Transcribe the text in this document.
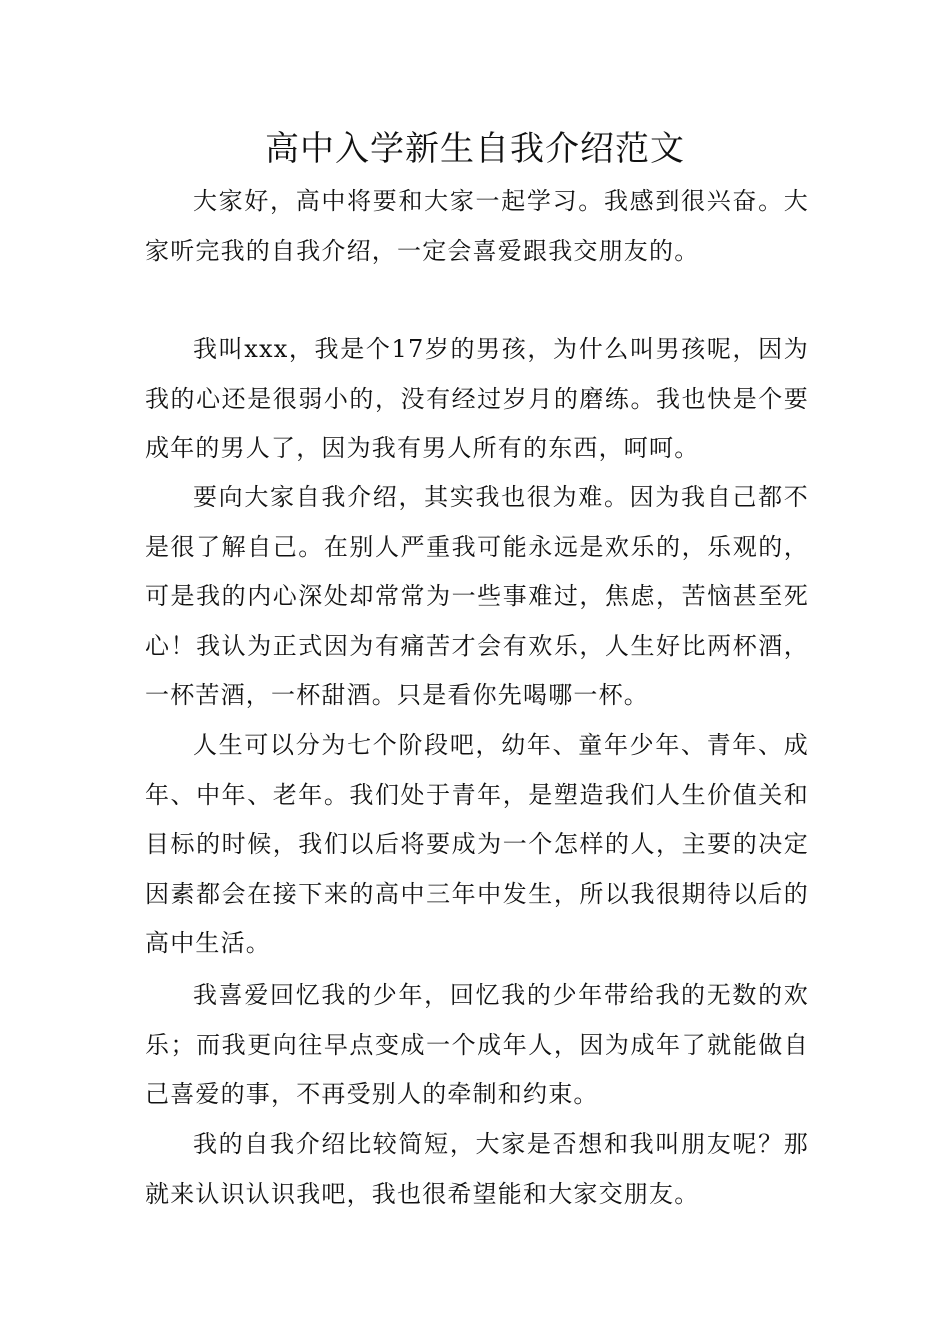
高中入学新生自我介绍范文

大家好，高中将要和大家一起学习。我感到很兴奋。大家听完我的自我介绍，一定会喜爱跟我交朋友的。

我叫xxx，我是个17岁的男孩，为什么叫男孩呢，因为我的心还是很弱小的，没有经过岁月的磨练。我也快是个要成年的男人了，因为我有男人所有的东西，呵呵。

要向大家自我介绍，其实我也很为难。因为我自己都不是很了解自己。在别人严重我可能永远是欢乐的，乐观的，可是我的内心深处却常常为一些事难过，焦虑，苦恼甚至死心！我认为正式因为有痛苦才会有欢乐，人生好比两杯酒，一杯苦酒，一杯甜酒。只是看你先喝哪一杯。

人生可以分为七个阶段吧，幼年、童年少年、青年、成年、中年、老年。我们处于青年，是塑造我们人生价值关和目标的时候，我们以后将要成为一个怎样的人，主要的决定因素都会在接下来的高中三年中发生，所以我很期待以后的高中生活。

我喜爱回忆我的少年，回忆我的少年带给我的无数的欢乐；而我更向往早点变成一个成年人，因为成年了就能做自己喜爱的事，不再受别人的牵制和约束。

我的自我介绍比较简短，大家是否想和我叫朋友呢？那就来认识认识我吧，我也很希望能和大家交朋友。
